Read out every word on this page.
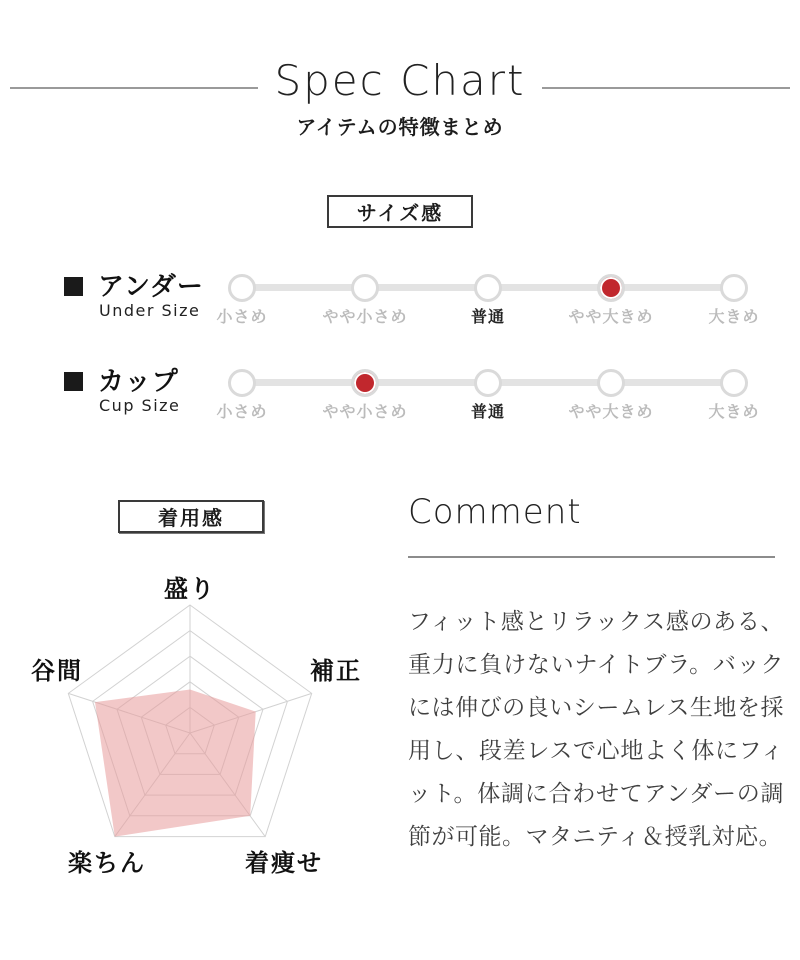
Spec Chart
アイテムの特徴まとめ
サイズ感
アンダー
Under Size	小さめ	やや小さめ	普通	やや大きめ	大きめ
カップ
Cup Size	小さめ	やや小さめ	普通	やや大きめ	大きめ
着用感
盛り
補正
着痩せ
楽ちん
谷間
Comment
フィット感とリラックス感のある、重力に負けないナイトブラ。バックには伸びの良いシームレス生地を採用し、段差レスで心地よく体にフィット。体調に合わせてアンダーの調節が可能。マタニティ＆授乳対応。
